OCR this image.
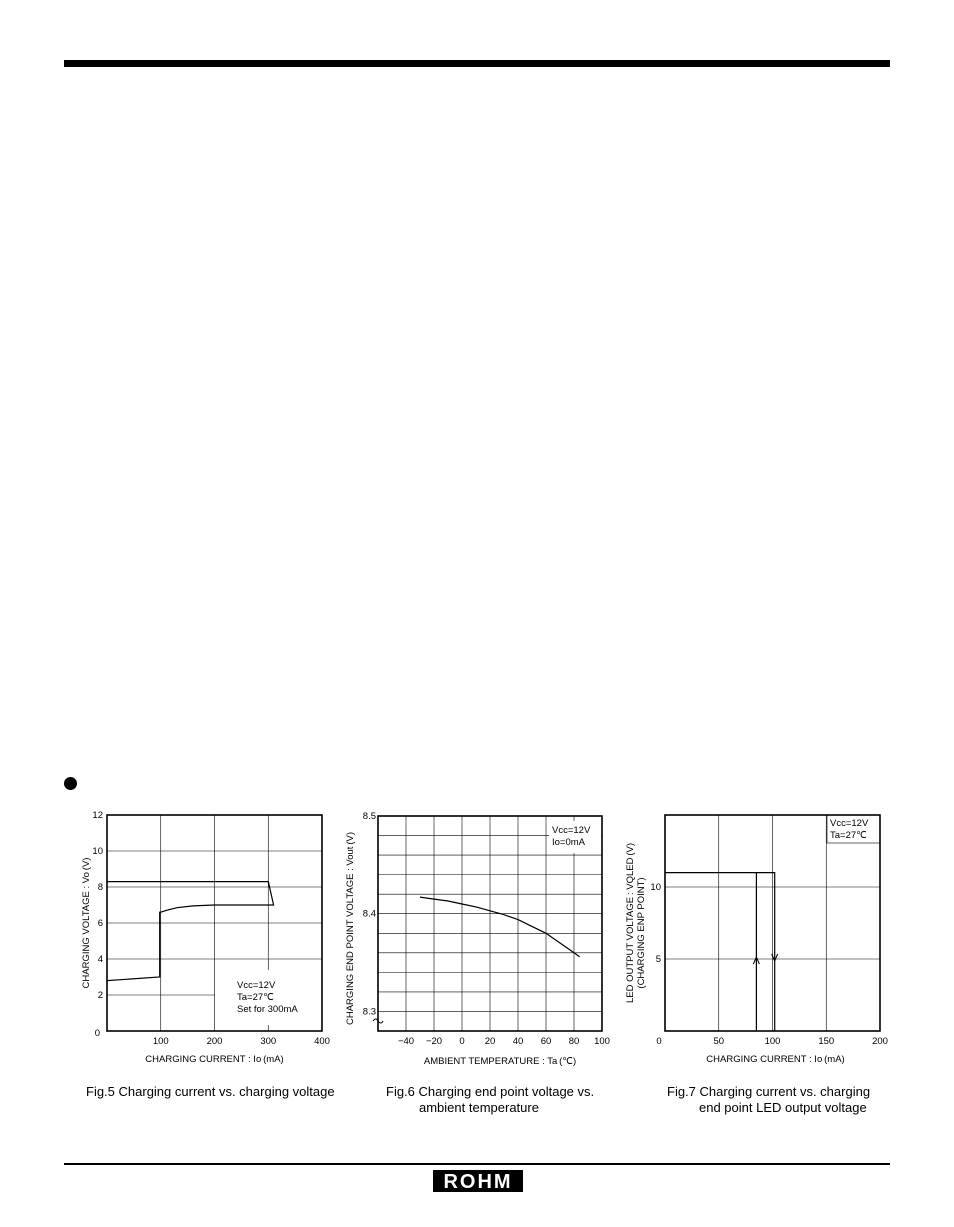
100	200	300	400
2
4
6
8
10
12
0
CHARGING CURRENT : Io (mA)
CHARGING VOLTAGE : Vo (V)	Vcc=12V
Ta=27℃
Set for 300mA
−40 −20 0 20 40 60 80 100
8.3
8.4
8.5
AMBIENT TEMPERATURE : Ta (℃)
CHARGING END POINT VOLTAGE : Vout (V)
Vcc=12V
Io=0mA
0	50	100	150	200
5
10
CHARGING CURRENT : Io (mA)
LED OUTPUT VOLTAGE : VQLED (V) (CHARGING ENP POINT)
Vcc=12V
Ta=27℃
Fig.5 Charging current vs. charging voltage	Fig.6 Charging end point voltage vs.
ambient temperature
Fig.7 Charging current vs. charging
end point LED output voltage
ROHM
